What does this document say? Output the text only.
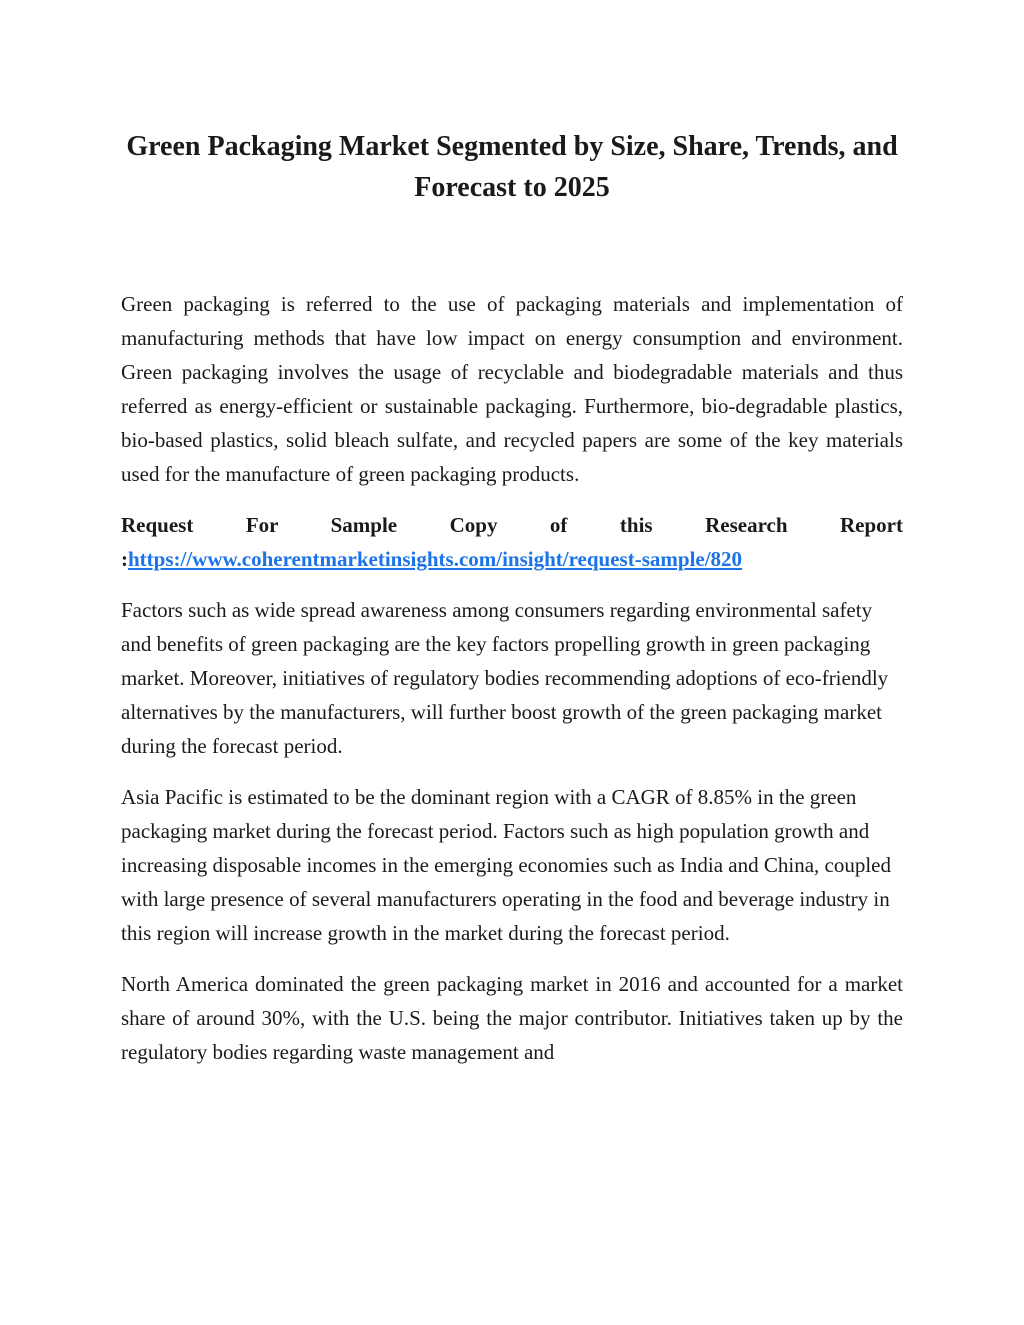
Green Packaging Market Segmented by Size, Share, Trends, and Forecast to 2025

Green packaging is referred to the use of packaging materials and implementation of manufacturing methods that have low impact on energy consumption and environment. Green packaging involves the usage of recyclable and biodegradable materials and thus referred as energy-efficient or sustainable packaging. Furthermore, bio-degradable plastics, bio-based plastics, solid bleach sulfate, and recycled papers are some of the key materials used for the manufacture of green packaging products.

Request For Sample Copy of this Research Report

:https://www.coherentmarketinsights.com/insight/request-sample/820

Factors such as wide spread awareness among consumers regarding environmental safety and benefits of green packaging are the key factors propelling growth in green packaging market. Moreover, initiatives of regulatory bodies recommending adoptions of eco-friendly alternatives by the manufacturers, will further boost growth of the green packaging market during the forecast period.

Asia Pacific is estimated to be the dominant region with a CAGR of 8.85% in the green packaging market during the forecast period. Factors such as high population growth and increasing disposable incomes in the emerging economies such as India and China, coupled with large presence of several manufacturers operating in the food and beverage industry in this region will increase growth in the market during the forecast period.

North America dominated the green packaging market in 2016 and accounted for a market share of around 30%, with the U.S. being the major contributor. Initiatives taken up by the regulatory bodies regarding waste management and
